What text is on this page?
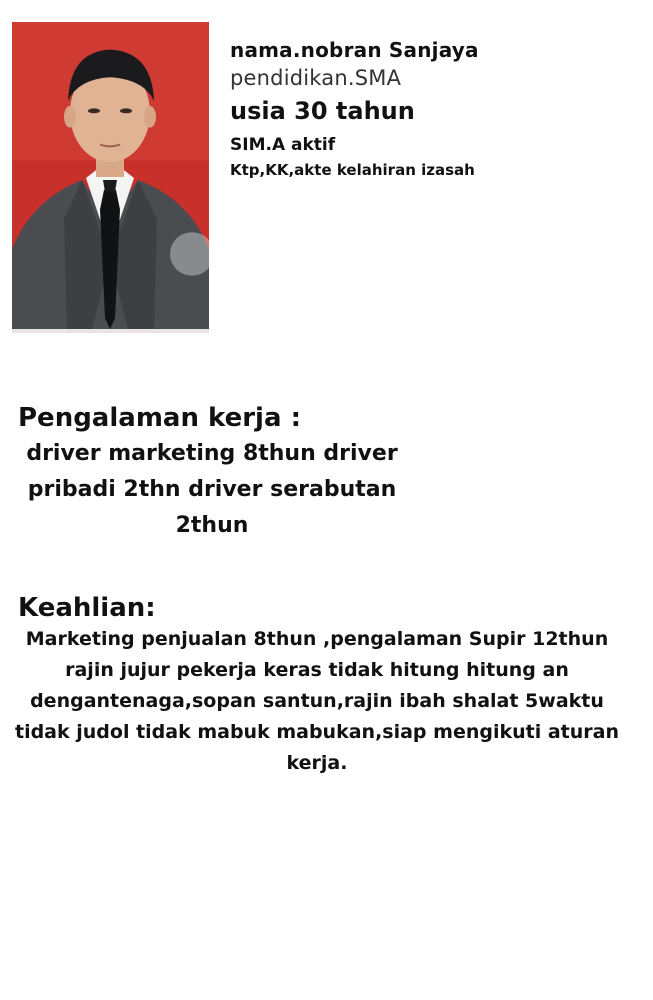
nama.nobran Sanjaya

pendidikan.SMA

usia 30 tahun

SIM.A aktif

Ktp,KK,akte kelahiran izasah

Pengalaman kerja :

driver marketing 8thun driver pribadi 2thn driver serabutan 2thun

Keahlian:

Marketing penjualan 8thun ,pengalaman Supir 12thun rajin jujur pekerja keras tidak hitung hitung an dengantenaga,sopan santun,rajin ibah shalat 5waktu tidak judol tidak mabuk mabukan,siap mengikuti aturan kerja.
